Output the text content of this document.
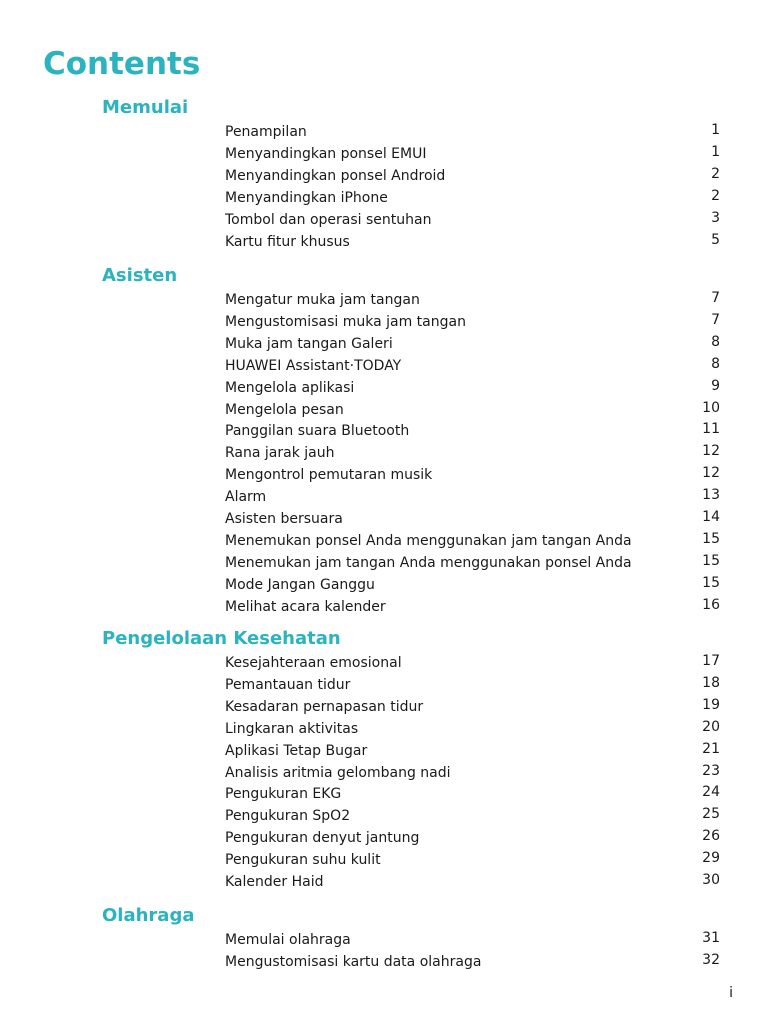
Contents
Memulai
Penampilan	1
Menyandingkan ponsel EMUI	1
Menyandingkan ponsel Android	2
Menyandingkan iPhone	2
Tombol dan operasi sentuhan	3
Kartu fitur khusus	5
Asisten
Mengatur muka jam tangan	7
Mengustomisasi muka jam tangan	7
Muka jam tangan Galeri	8
HUAWEI Assistant·TODAY	8
Mengelola aplikasi	9
Mengelola pesan	10
Panggilan suara Bluetooth	11
Rana jarak jauh	12
Mengontrol pemutaran musik	12
Alarm	13
Asisten bersuara	14
Menemukan ponsel Anda menggunakan jam tangan Anda	15
Menemukan jam tangan Anda menggunakan ponsel Anda	15
Mode Jangan Ganggu	15
Melihat acara kalender	16
Pengelolaan Kesehatan
Kesejahteraan emosional	17
Pemantauan tidur	18
Kesadaran pernapasan tidur	19
Lingkaran aktivitas	20
Aplikasi Tetap Bugar	21
Analisis aritmia gelombang nadi	23
Pengukuran EKG	24
Pengukuran SpO2	25
Pengukuran denyut jantung	26
Pengukuran suhu kulit	29
Kalender Haid	30
Olahraga
Memulai olahraga	31
Mengustomisasi kartu data olahraga	32
i
